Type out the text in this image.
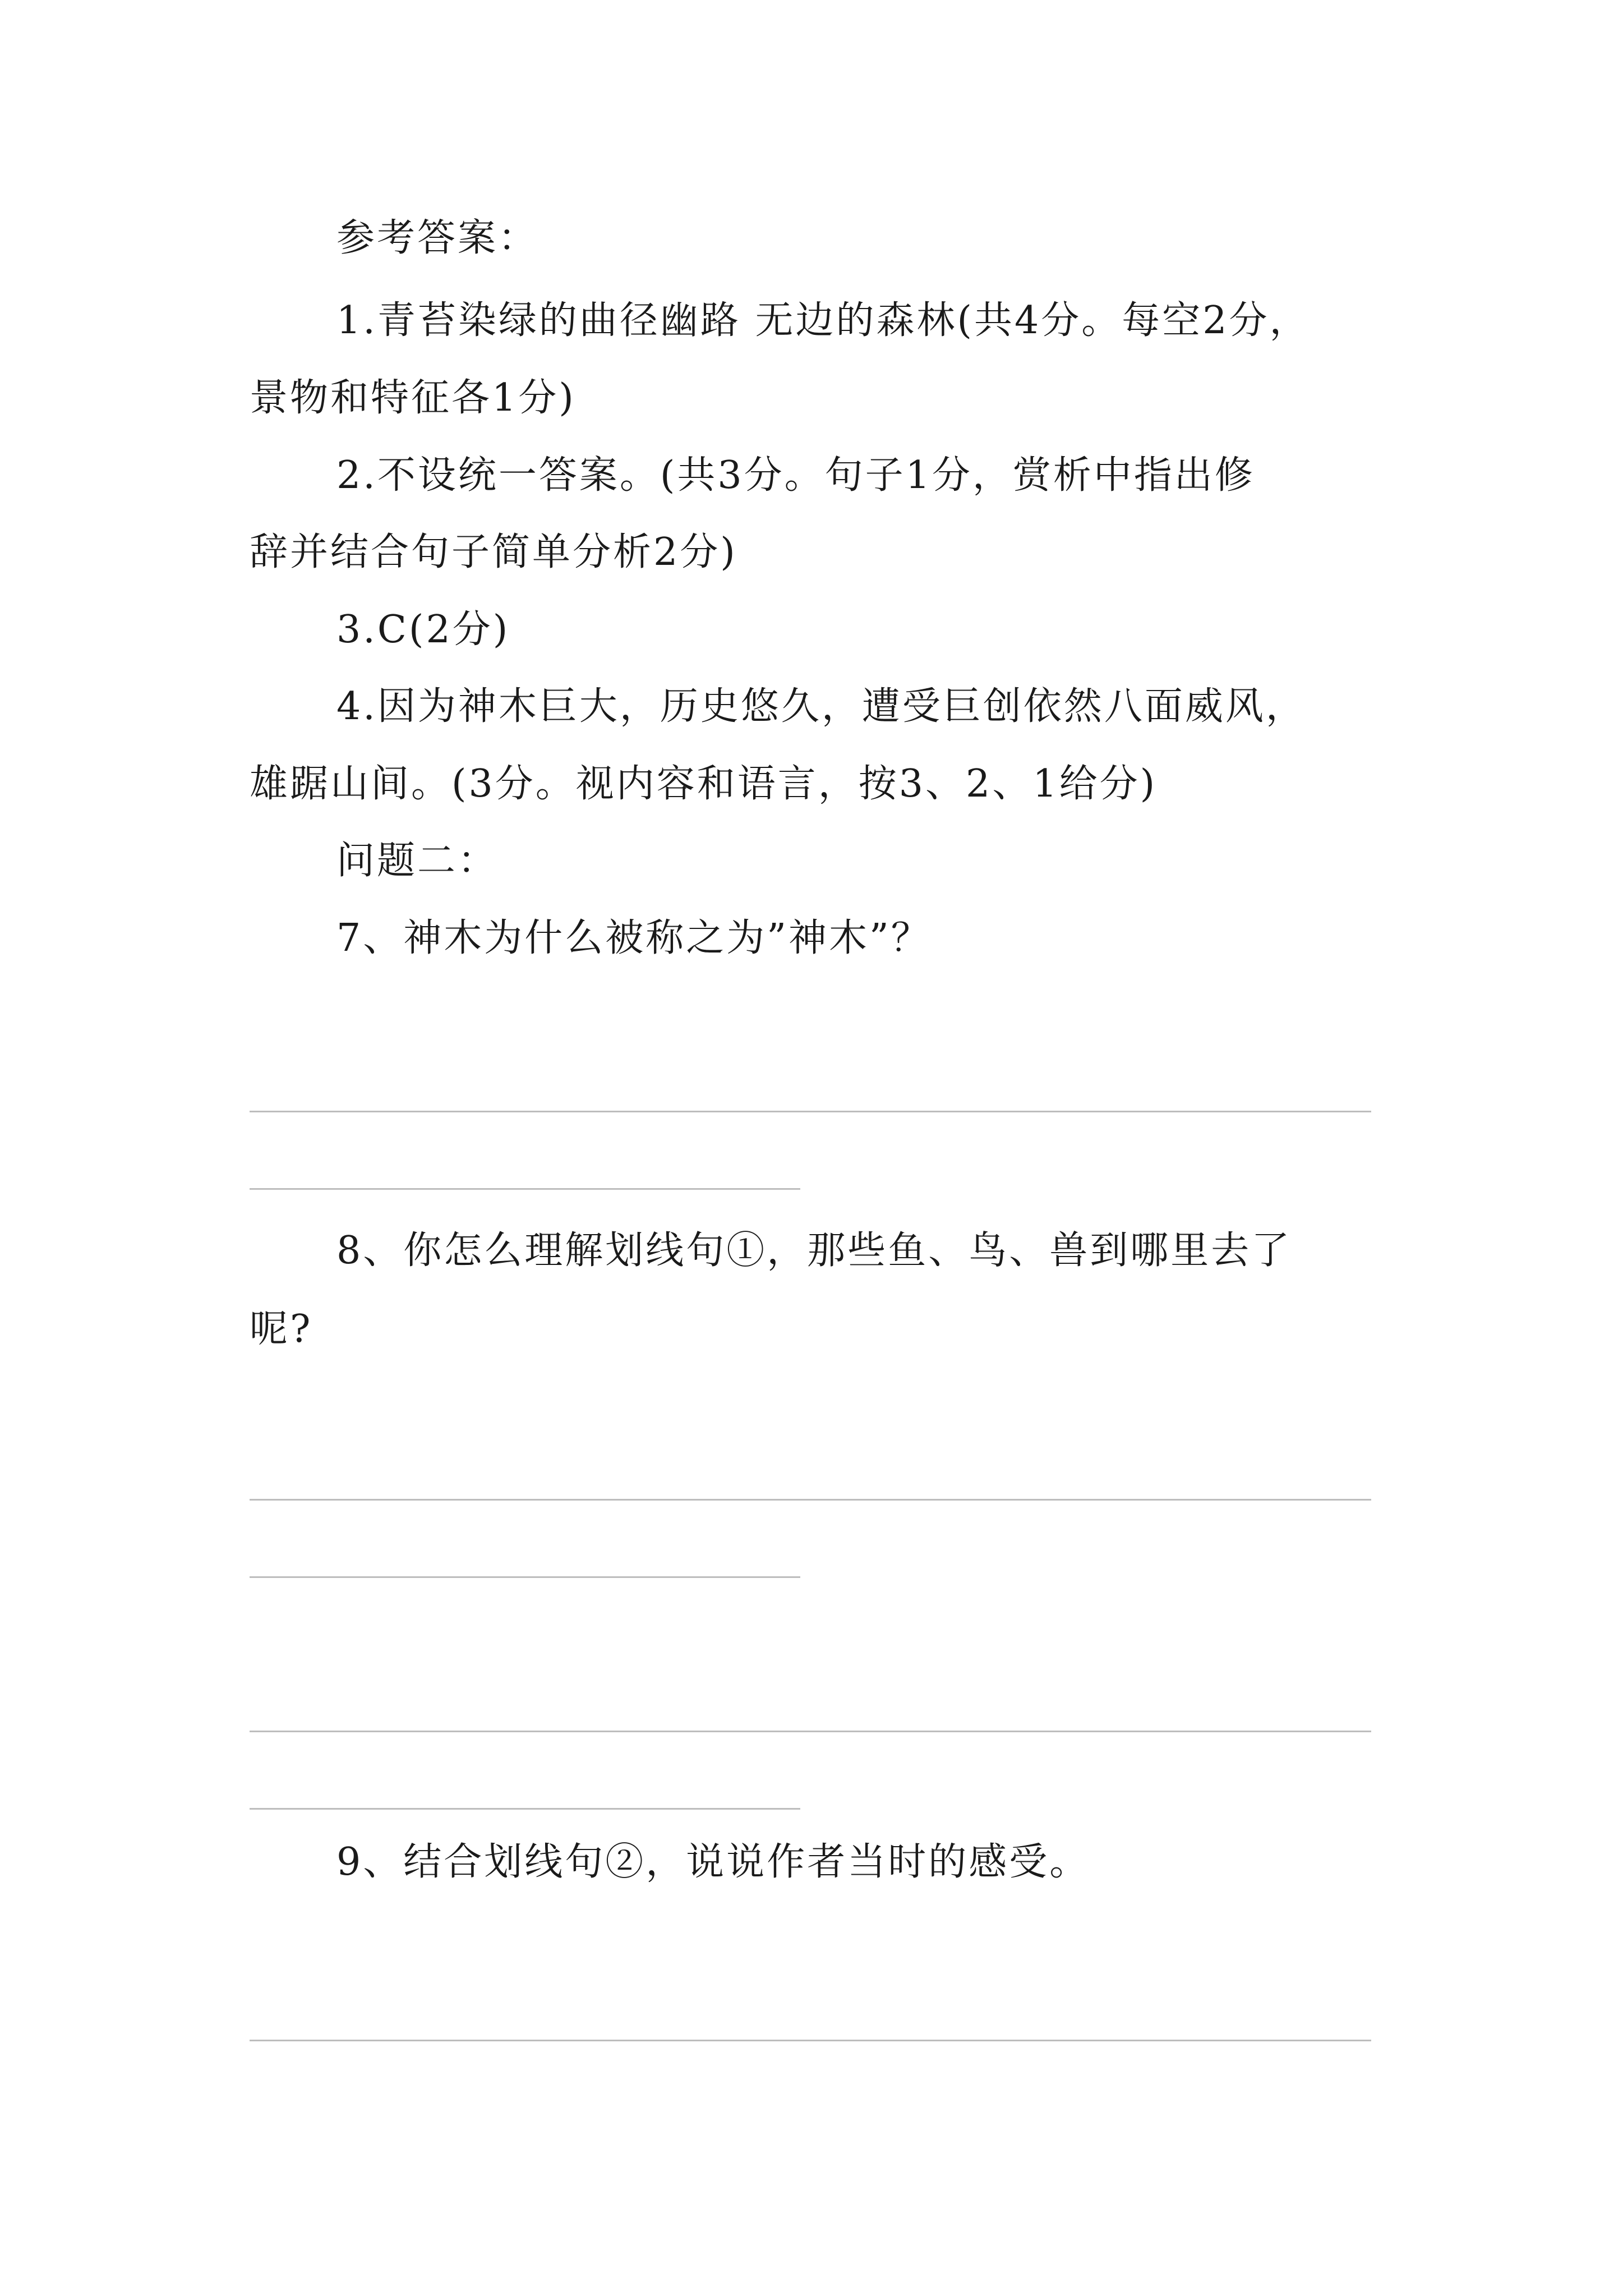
参考答案：
1.青苔染绿的曲径幽路 无边的森林(共4分。每空2分，
景物和特征各1分)
2.不设统一答案。(共3分。句子1分，赏析中指出修
辞并结合句子简单分析2分)
3.C(2分)
4.因为神木巨大，历史悠久，遭受巨创依然八面威风，
雄踞山间。(3分。视内容和语言，按3、2、1给分)
问题二：
7、神木为什么被称之为”神木”？
8、你怎么理解划线句①，那些鱼、鸟、兽到哪里去了
呢?
9、结合划线句②，说说作者当时的感受。
